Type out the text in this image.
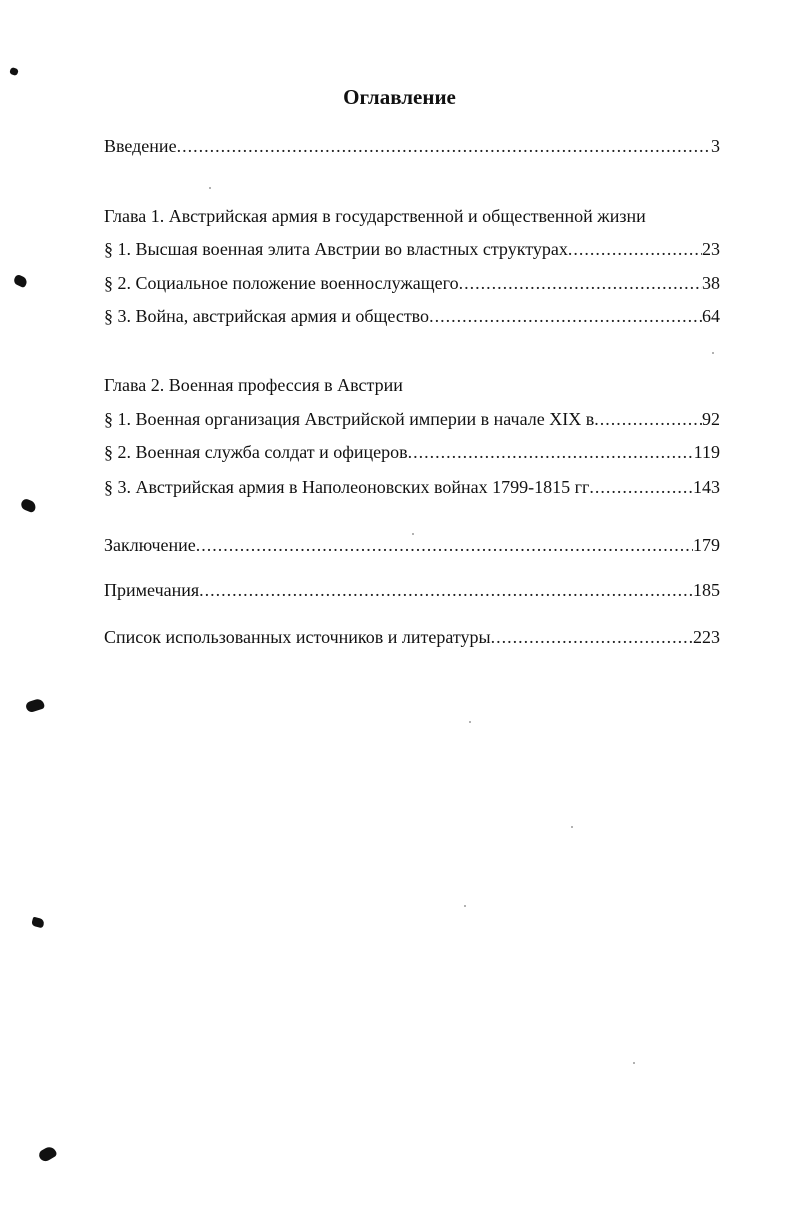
Оглавление
Введение .....	3
Глава 1. Австрийская армия в государственной и общественной жизни
§ 1. Высшая военная элита Австрии во властных структурах .....	23
§ 2. Социальное положение военнослужащего .....	38
§ 3. Война, австрийская армия и общество .....	64
Глава 2. Военная профессия в Австрии
§ 1. Военная организация Австрийской империи в начале XIX в .....	92
§ 2. Военная служба солдат и офицеров .....	119
§ 3. Австрийская армия в Наполеоновских войнах 1799-1815 гг .....	143
Заключение .....	179
Примечания .....	185
Список использованных источников и литературы .....	223
